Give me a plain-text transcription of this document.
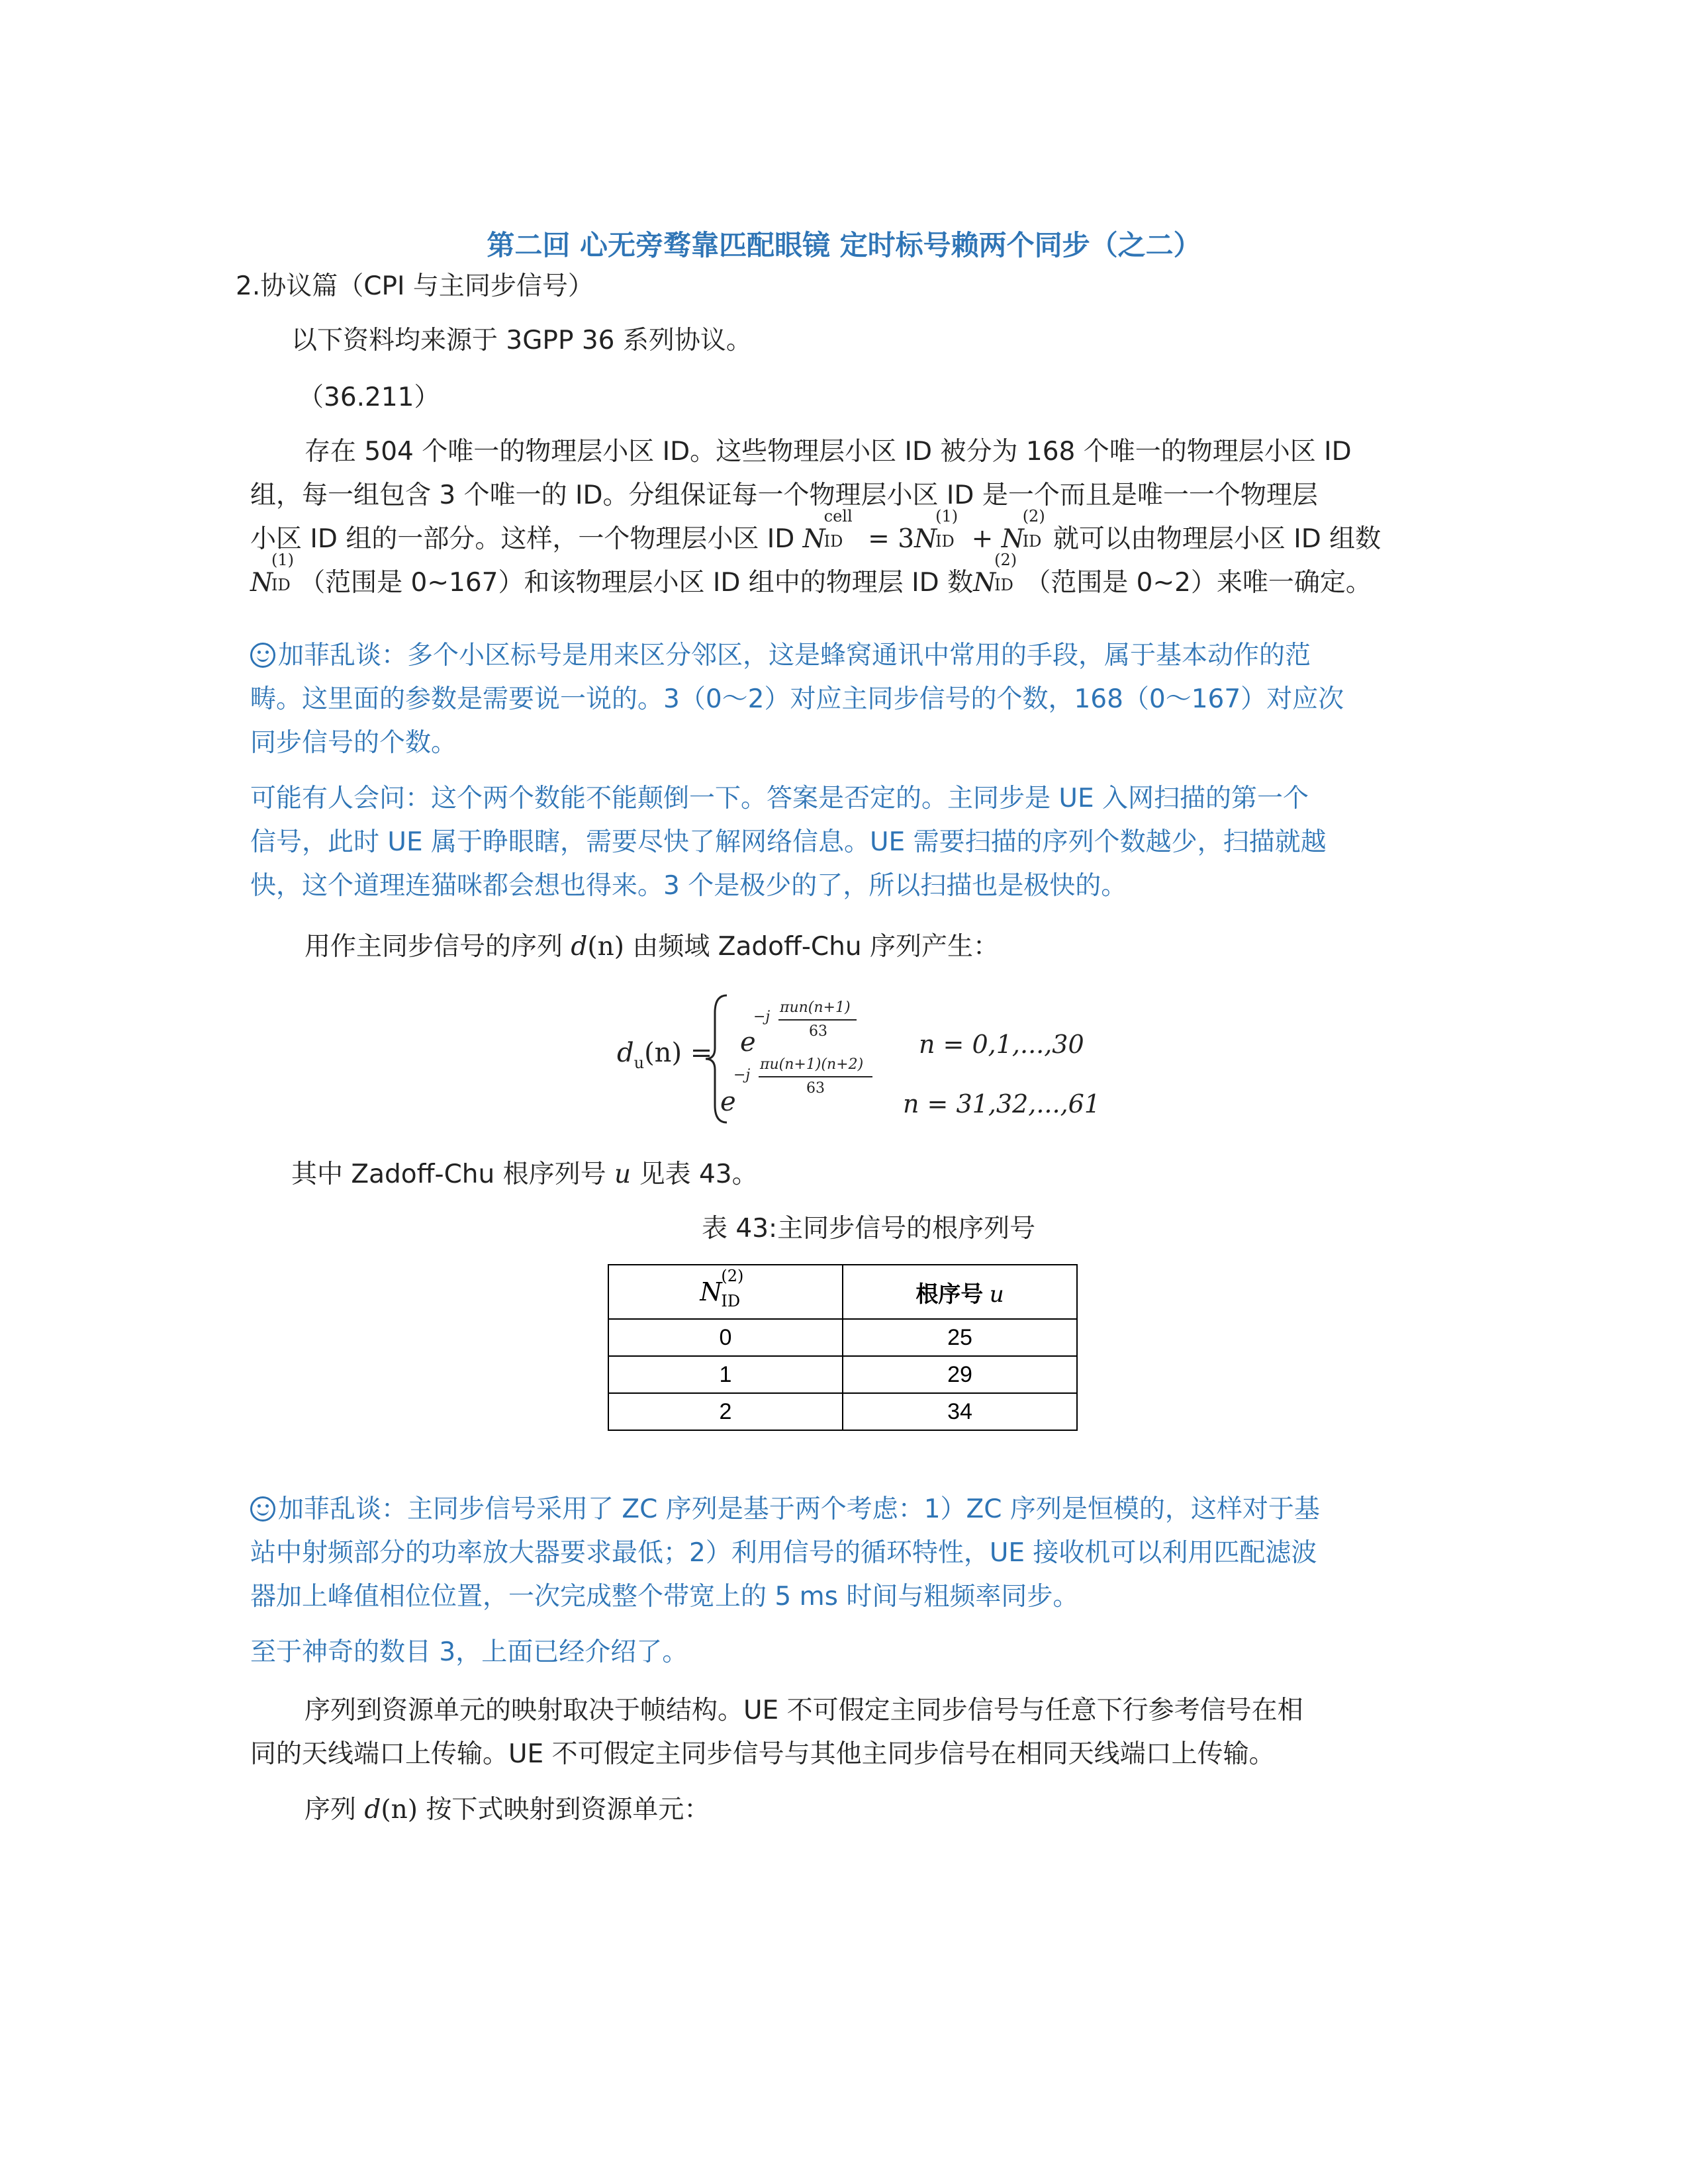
第二回 心无旁骛靠匹配眼镜 定时标号赖两个同步（之二）
2.协议篇（CPI 与主同步信号）
以下资料均来源于 3GPP 36 系列协议。
（36.211）
存在 504 个唯一的物理层小区 ID。这些物理层小区 ID 被分为 168 个唯一的物理层小区 ID
组，每一组包含 3 个唯一的 ID。分组保证每一个物理层小区 ID 是一个而且是唯一一个物理层
小区 ID 组的一部分。这样，一个物理层小区 ID N
cell
ID = 3N
(1)
ID + N
(2)
ID 就可以由物理层小区 ID 组数
N
(1)
ID （范围是 0~167）和该物理层小区 ID 组中的物理层 ID 数N
(2)
ID （范围是 0~2）来唯一确定。
加菲乱谈：多个小区标号是用来区分邻区，这是蜂窝通讯中常用的手段，属于基本动作的范
畴。这里面的参数是需要说一说的。3（0～2）对应主同步信号的个数，168（0～167）对应次
同步信号的个数。
可能有人会问：这个两个数能不能颠倒一下。答案是否定的。主同步是 UE 入网扫描的第一个
信号，此时 UE 属于睁眼瞎，需要尽快了解网络信息。UE 需要扫描的序列个数越少，扫描就越
快，这个道理连猫咪都会想也得来。3 个是极少的了，所以扫描也是极快的。
用作主同步信号的序列 d(n) 由频域 Zadoff-Chu 序列产生：
$d_u(n) = e$
−j
πun(n+1)
63	n = 0,1,...,30
e
−j
πu(n+1)(n+2)
63
n = 31,32,...,61
其中 Zadoff-Chu 根序列号 u 见表 43。
表 43:主同步信号的根序列号
N
(2)
ID	根序号 u
0	25
1	29
2	34
加菲乱谈：主同步信号采用了 ZC 序列是基于两个考虑：1）ZC 序列是恒模的，这样对于基
站中射频部分的功率放大器要求最低；2）利用信号的循环特性，UE 接收机可以利用匹配滤波
器加上峰值相位位置，一次完成整个带宽上的 5 ms 时间与粗频率同步。
至于神奇的数目 3，上面已经介绍了。
序列到资源单元的映射取决于帧结构。UE 不可假定主同步信号与任意下行参考信号在相
同的天线端口上传输。UE 不可假定主同步信号与其他主同步信号在相同天线端口上传输。
序列 d(n) 按下式映射到资源单元：
